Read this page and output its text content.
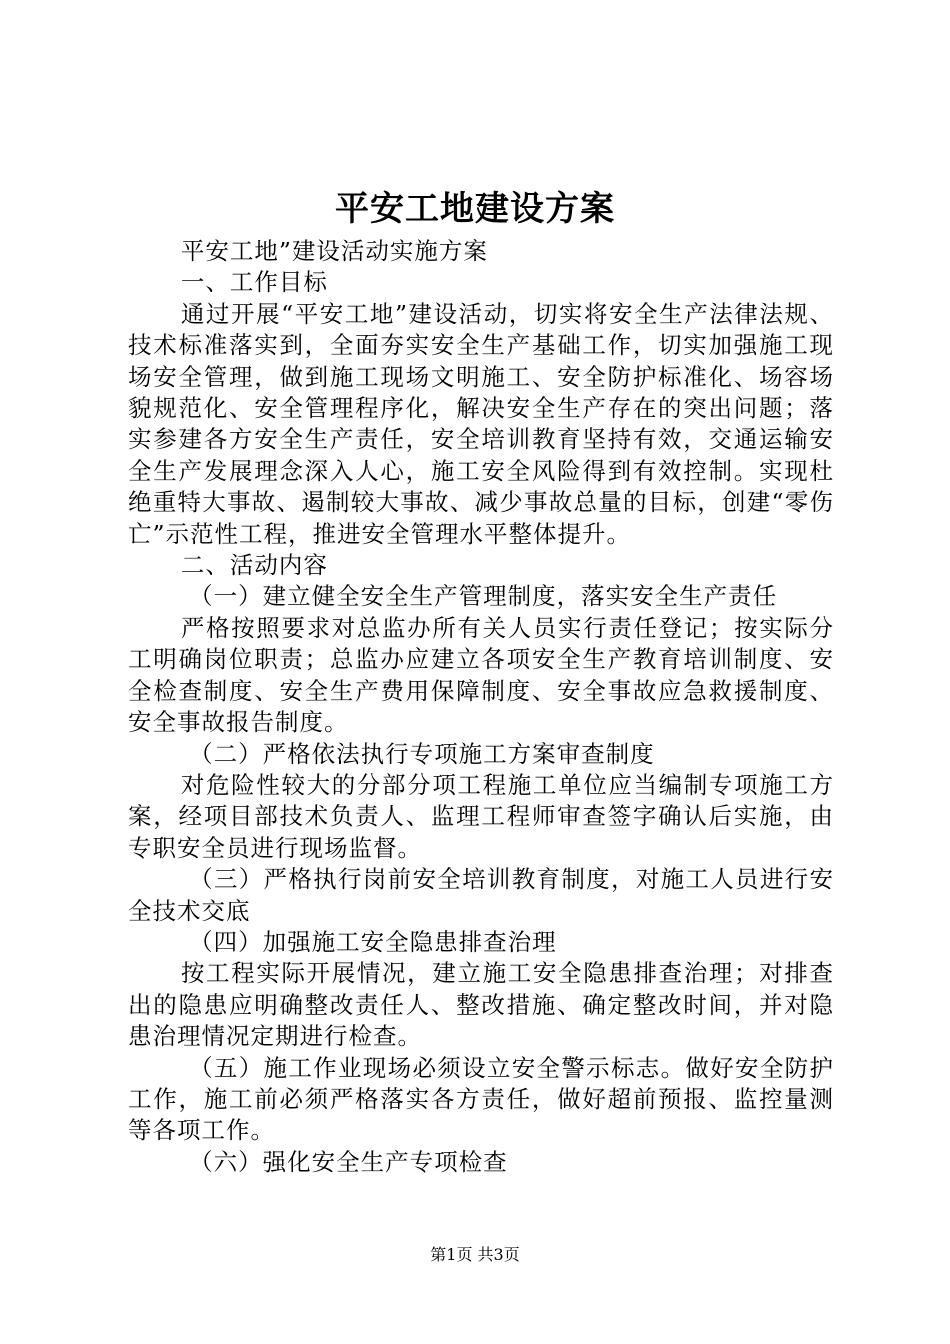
平安工地建设方案

平安工地”建设活动实施方案

一、工作目标

通过开展“平安工地”建设活动，切实将安全生产法律法规、技术标准落实到，全面夯实安全生产基础工作，切实加强施工现场安全管理，做到施工现场文明施工、安全防护标准化、场容场貌规范化、安全管理程序化，解决安全生产存在的突出问题；落实参建各方安全生产责任，安全培训教育坚持有效，交通运输安全生产发展理念深入人心，施工安全风险得到有效控制。实现杜绝重特大事故、遏制较大事故、减少事故总量的目标，创建“零伤亡”示范性工程，推进安全管理水平整体提升。

二、活动内容

（一）建立健全安全生产管理制度，落实安全生产责任

严格按照要求对总监办所有关人员实行责任登记；按实际分工明确岗位职责；总监办应建立各项安全生产教育培训制度、安全检查制度、安全生产费用保障制度、安全事故应急救援制度、安全事故报告制度。

（二）严格依法执行专项施工方案审查制度

对危险性较大的分部分项工程施工单位应当编制专项施工方案，经项目部技术负责人、监理工程师审查签字确认后实施，由专职安全员进行现场监督。

（三）严格执行岗前安全培训教育制度，对施工人员进行安全技术交底

（四）加强施工安全隐患排查治理

按工程实际开展情况，建立施工安全隐患排查治理；对排查出的隐患应明确整改责任人、整改措施、确定整改时间，并对隐患治理情况定期进行检查。

（五）施工作业现场必须设立安全警示标志。做好安全防护工作，施工前必须严格落实各方责任，做好超前预报、监控量测等各项工作。

（六）强化安全生产专项检查

第1页 共3页
